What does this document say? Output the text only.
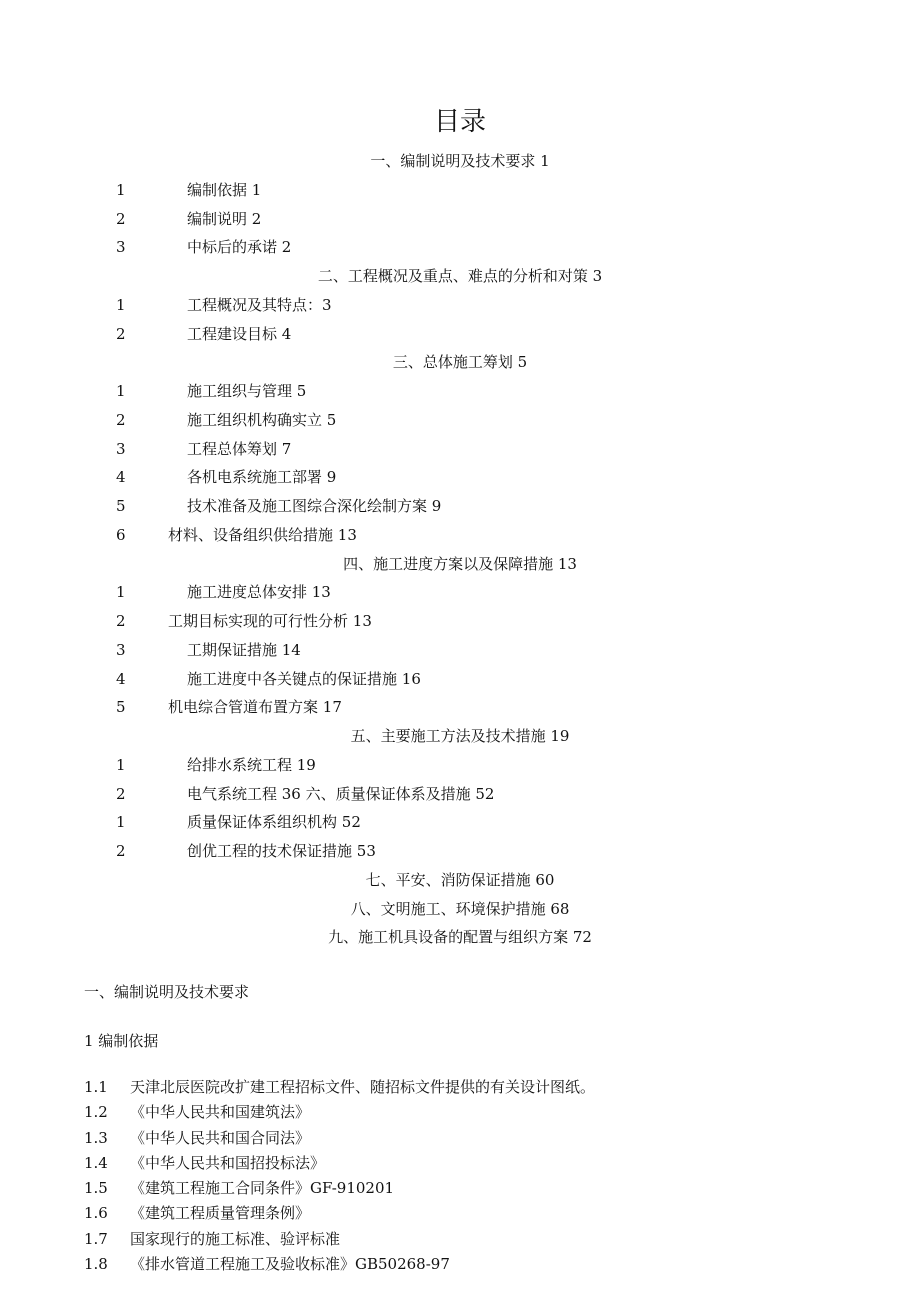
目录
一、编制说明及技术要求 1
1	编制依据 1
2	编制说明 2
3	中标后的承诺 2
二、工程概况及重点、难点的分析和对策 3
1	工程概况及其特点：3
2	工程建设目标 4
三、总体施工筹划 5
1	施工组织与管理 5
2	施工组织机构确实立 5
3	工程总体筹划 7
4	各机电系统施工部署 9
5	技术准备及施工图综合深化绘制方案 9
6	材料、设备组织供给措施 13
四、施工进度方案以及保障措施 13
1	施工进度总体安排 13
2	工期目标实现的可行性分析 13
3	工期保证措施 14
4	施工进度中各关键点的保证措施 16
5	机电综合管道布置方案 17
五、主要施工方法及技术措施 19
1	给排水系统工程 19
2	电气系统工程 36 六、质量保证体系及措施 52
1	质量保证体系组织机构 52
2	创优工程的技术保证措施 53
七、平安、消防保证措施 60
八、文明施工、环境保护措施 68
九、施工机具设备的配置与组织方案 72
一、编制说明及技术要求
1 编制依据
1.1 天津北辰医院改扩建工程招标文件、随招标文件提供的有关设计图纸。
1.2 《中华人民共和国建筑法》
1.3 《中华人民共和国合同法》
1.4 《中华人民共和国招投标法》
1.5 《建筑工程施工合同条件》GF-910201
1.6 《建筑工程质量管理条例》
1.7 国家现行的施工标准、验评标准
1.8 《排水管道工程施工及验收标准》GB50268-97
